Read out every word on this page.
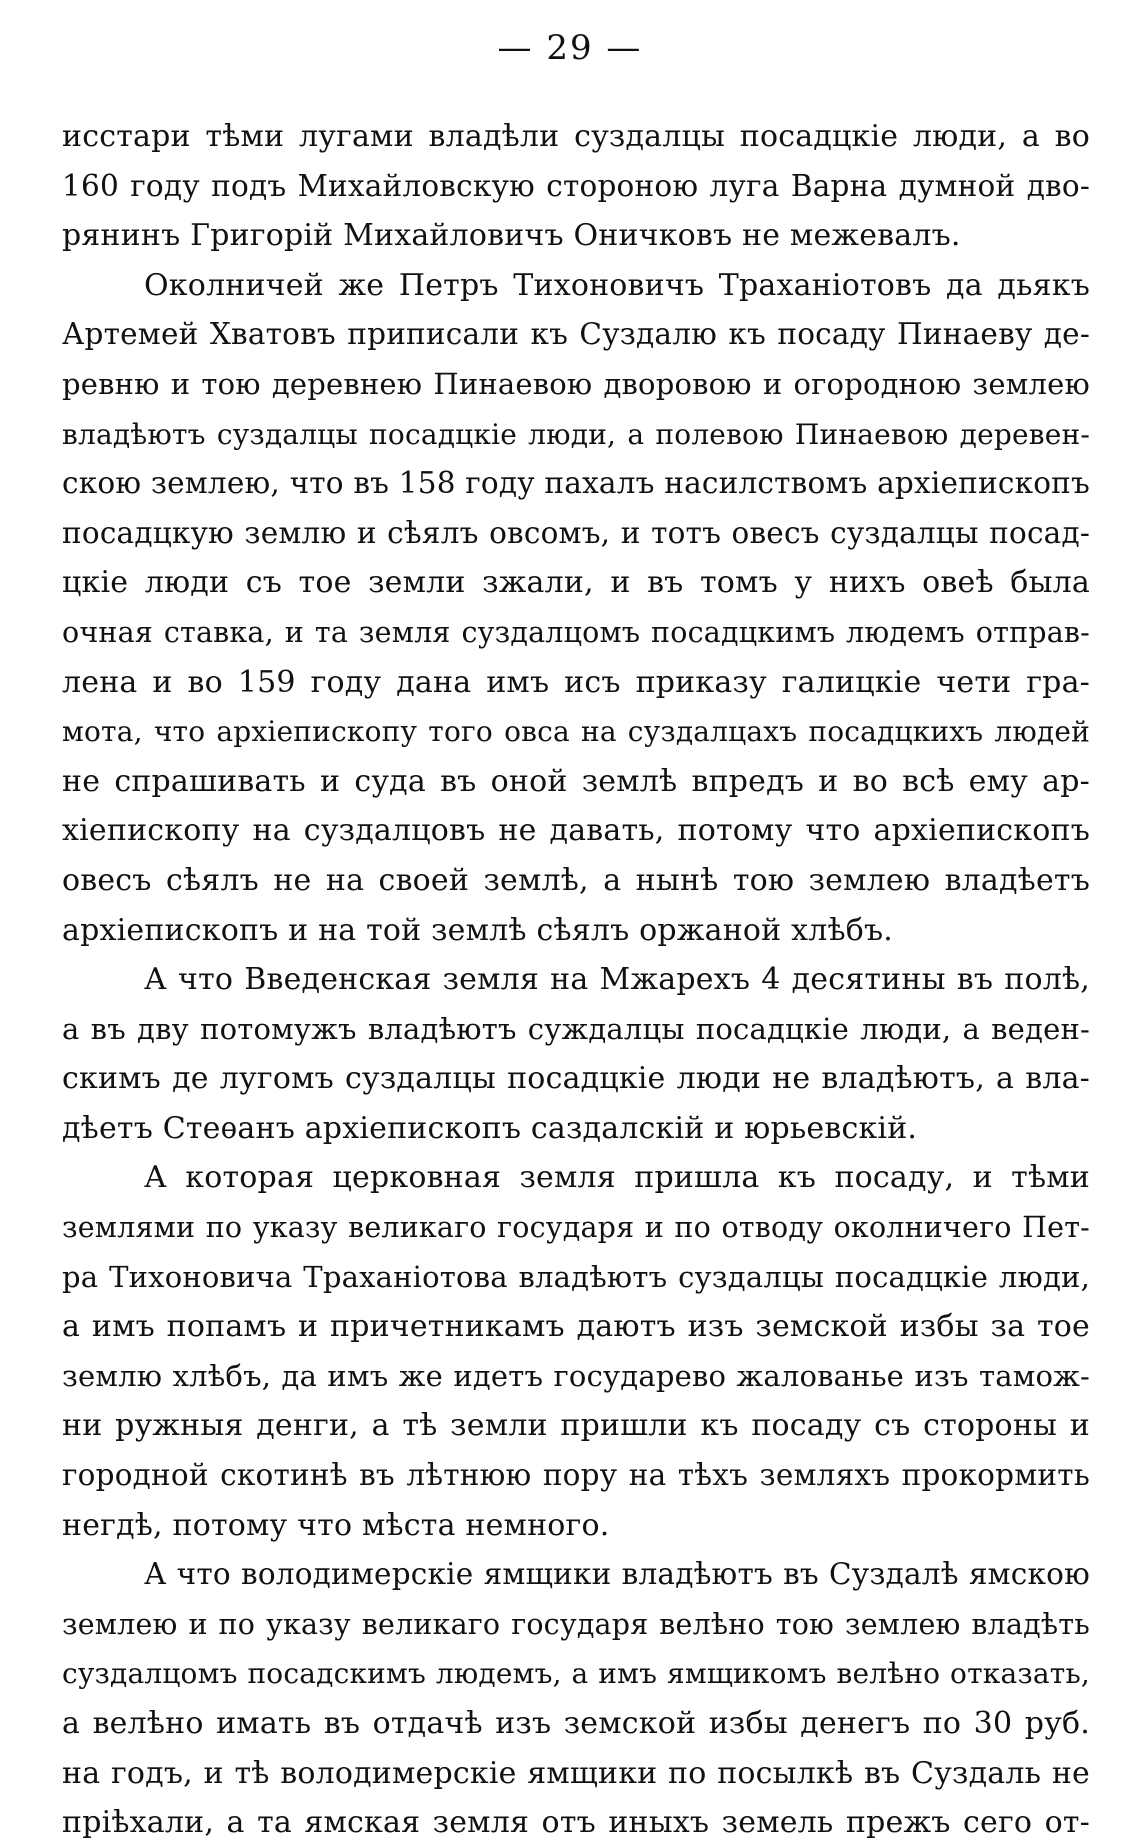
— 29 —
исстари тѣми лугами владѣли суздалцы посадцкіе люди, а во
160 году подъ Михайловскую стороною луга Варна думной дво-
рянинъ Григорій Михайловичъ Оничковъ не межевалъ.
Околничей же Петръ Тихоновичъ Траханіотовъ да дьякъ
Артемей Хватовъ приписали къ Суздалю къ посаду Пинаеву де-
ревню и тою деревнею Пинаевою дворовою и огородною землею
владѣютъ суздалцы посадцкіе люди, а полевою Пинаевою деревен-
скою землею, что въ 158 году пахалъ насилствомъ архіепископъ
посадцкую землю и сѣялъ овсомъ, и тотъ овесъ суздалцы посад-
цкіе люди съ тое земли зжали, и въ томъ у нихъ овеѣ была
очная ставка, и та земля суздалцомъ посадцкимъ людемъ отправ-
лена и во 159 году дана имъ исъ приказу галицкіе чети гра-
мота, что архіепископу того овса на суздалцахъ посадцкихъ людей
не спрашивать и суда въ оной землѣ впредъ и во всѣ ему ар-
хіепископу на суздалцовъ не давать, потому что архіепископъ
овесъ сѣялъ не на своей землѣ, а нынѣ тою землею владѣетъ
архіепископъ и на той землѣ сѣялъ оржаной хлѣбъ.
А что Введенская земля на Мжарехъ 4 десятины въ полѣ,
а въ дву потомужъ владѣютъ суждалцы посадцкіе люди, а веден-
скимъ де лугомъ суздалцы посадцкіе люди не владѣютъ, а вла-
дѣетъ Стеѳанъ архіепископъ саздалскій и юрьевскій.
А которая церковная земля пришла къ посаду, и тѣми
землями по указу великаго государя и по отводу околничего Пет-
ра Тихоновича Траханіотова владѣютъ суздалцы посадцкіе люди,
а имъ попамъ и причетникамъ даютъ изъ земской избы за тое
землю хлѣбъ, да имъ же идетъ государево жалованье изъ тамож-
ни ружныя денги, а тѣ земли пришли къ посаду съ стороны и
городной скотинѣ въ лѣтнюю пору на тѣхъ земляхъ прокормить
негдѣ, потому что мѣста немного.
А что володимерскіе ямщики владѣютъ въ Суздалѣ ямскою
землею и по указу великаго государя велѣно тою землею владѣть
суздалцомъ посадскимъ людемъ, а имъ ямщикомъ велѣно отказать,
а велѣно имать въ отдачѣ изъ земской избы денегъ по 30 руб.
на годъ, и тѣ володимерскіе ямщики по посылкѣ въ Суздаль не
пріѣхали, а та ямская земля отъ иныхъ земель прежъ сего от-
